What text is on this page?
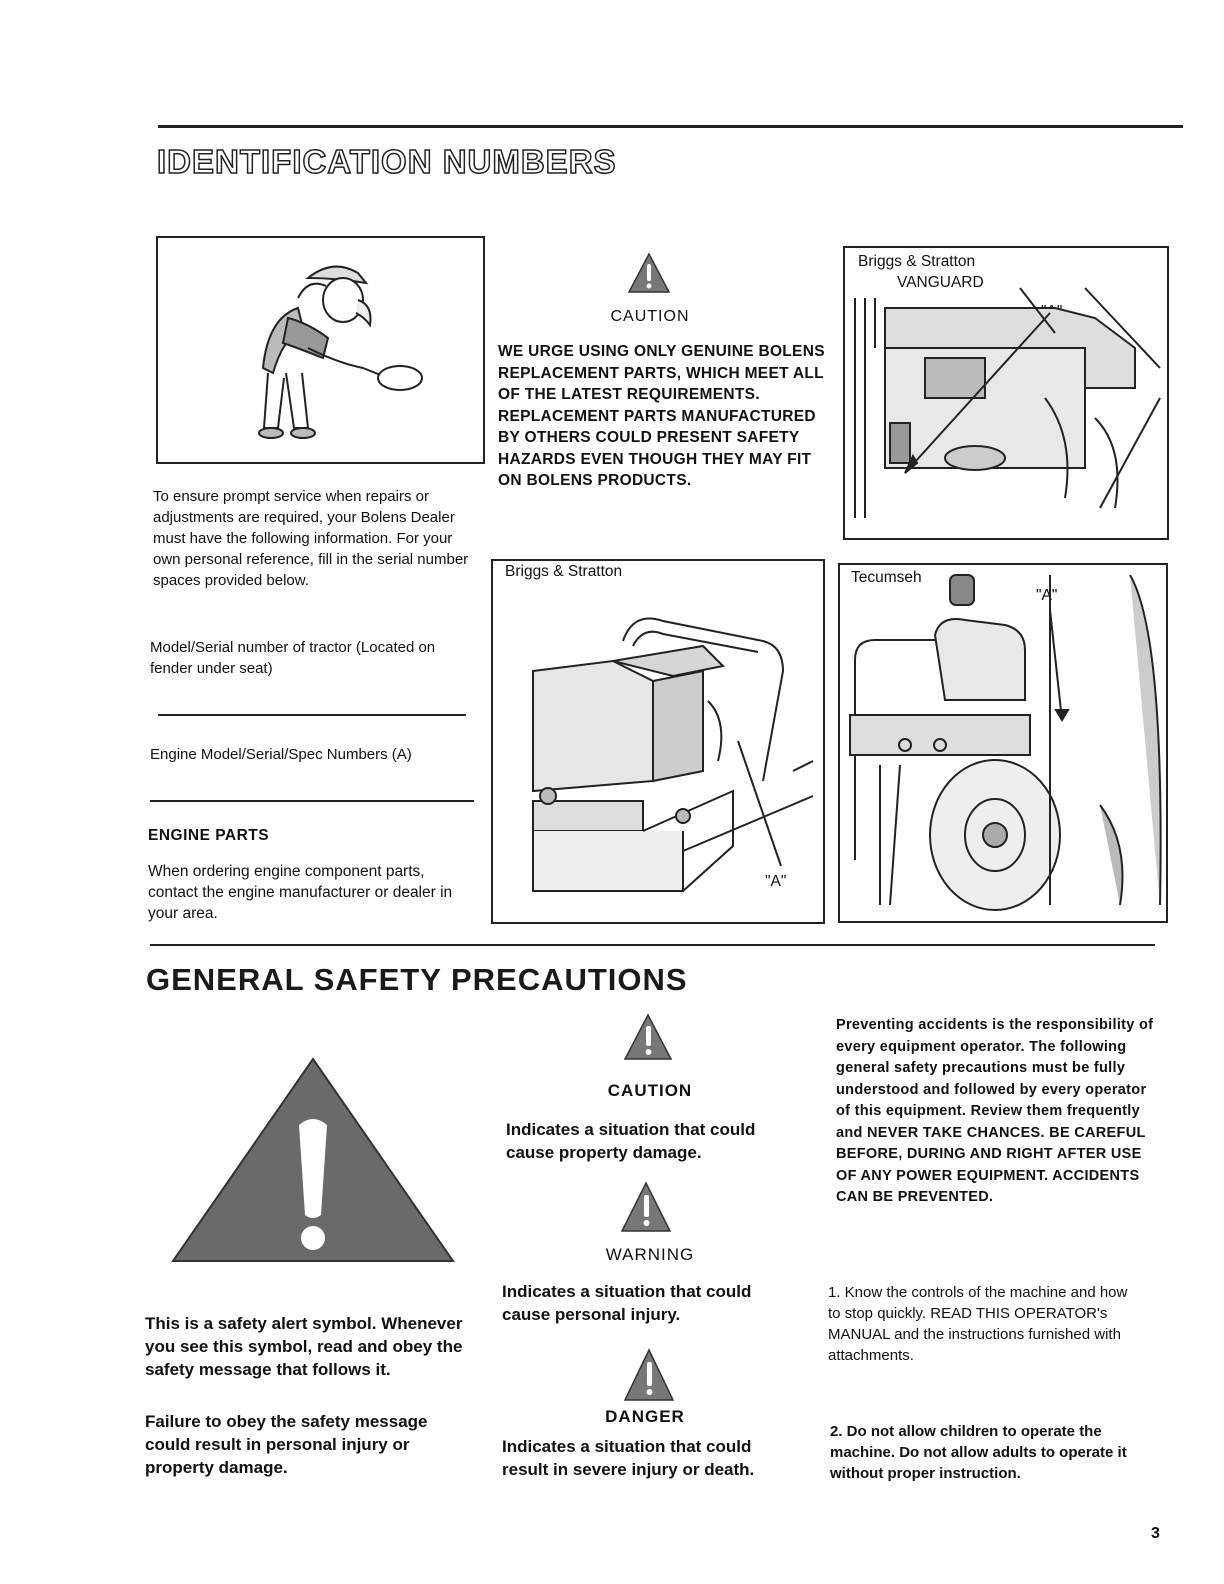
IDENTIFICATION NUMBERS
To ensure prompt service when repairs or adjustments are required, your Bolens Dealer must have the following information. For your own personal reference, fill in the serial number spaces provided below.
Model/Serial number of tractor (Located on fender under seat)
Engine Model/Serial/Spec Numbers (A)
ENGINE PARTS
When ordering engine component parts, contact the engine manufacturer or dealer in your area.
CAUTION
WE URGE USING ONLY GENUINE BOLENS REPLACEMENT PARTS, WHICH MEET ALL OF THE LATEST REQUIREMENTS. REPLACEMENT PARTS MANUFACTURED BY OTHERS COULD PRESENT SAFETY HAZARDS EVEN THOUGH THEY MAY FIT ON BOLENS PRODUCTS.
Briggs & Stratton
VANGUARD
Briggs & Stratton
"A"
Tecumseh
"A"
GENERAL SAFETY PRECAUTIONS
This is a safety alert symbol. Whenever you see this symbol, read and obey the safety message that follows it.
Failure to obey the safety message could result in personal injury or property damage.
CAUTION
Indicates a situation that could cause property damage.
WARNING
Indicates a situation that could cause personal injury.
DANGER
Indicates a situation that could result in severe injury or death.
Preventing accidents is the responsibility of every equipment operator. The following general safety precautions must be fully understood and followed by every operator of this equipment. Review them frequently and NEVER TAKE CHANCES. BE CAREFUL BEFORE, DURING AND RIGHT AFTER USE OF ANY POWER EQUIPMENT. ACCIDENTS CAN BE PREVENTED.
1. Know the controls of the machine and how to stop quickly. READ THIS OPERATOR's MANUAL and the instructions furnished with attachments.
2. Do not allow children to operate the machine. Do not allow adults to operate it without proper instruction.
3
